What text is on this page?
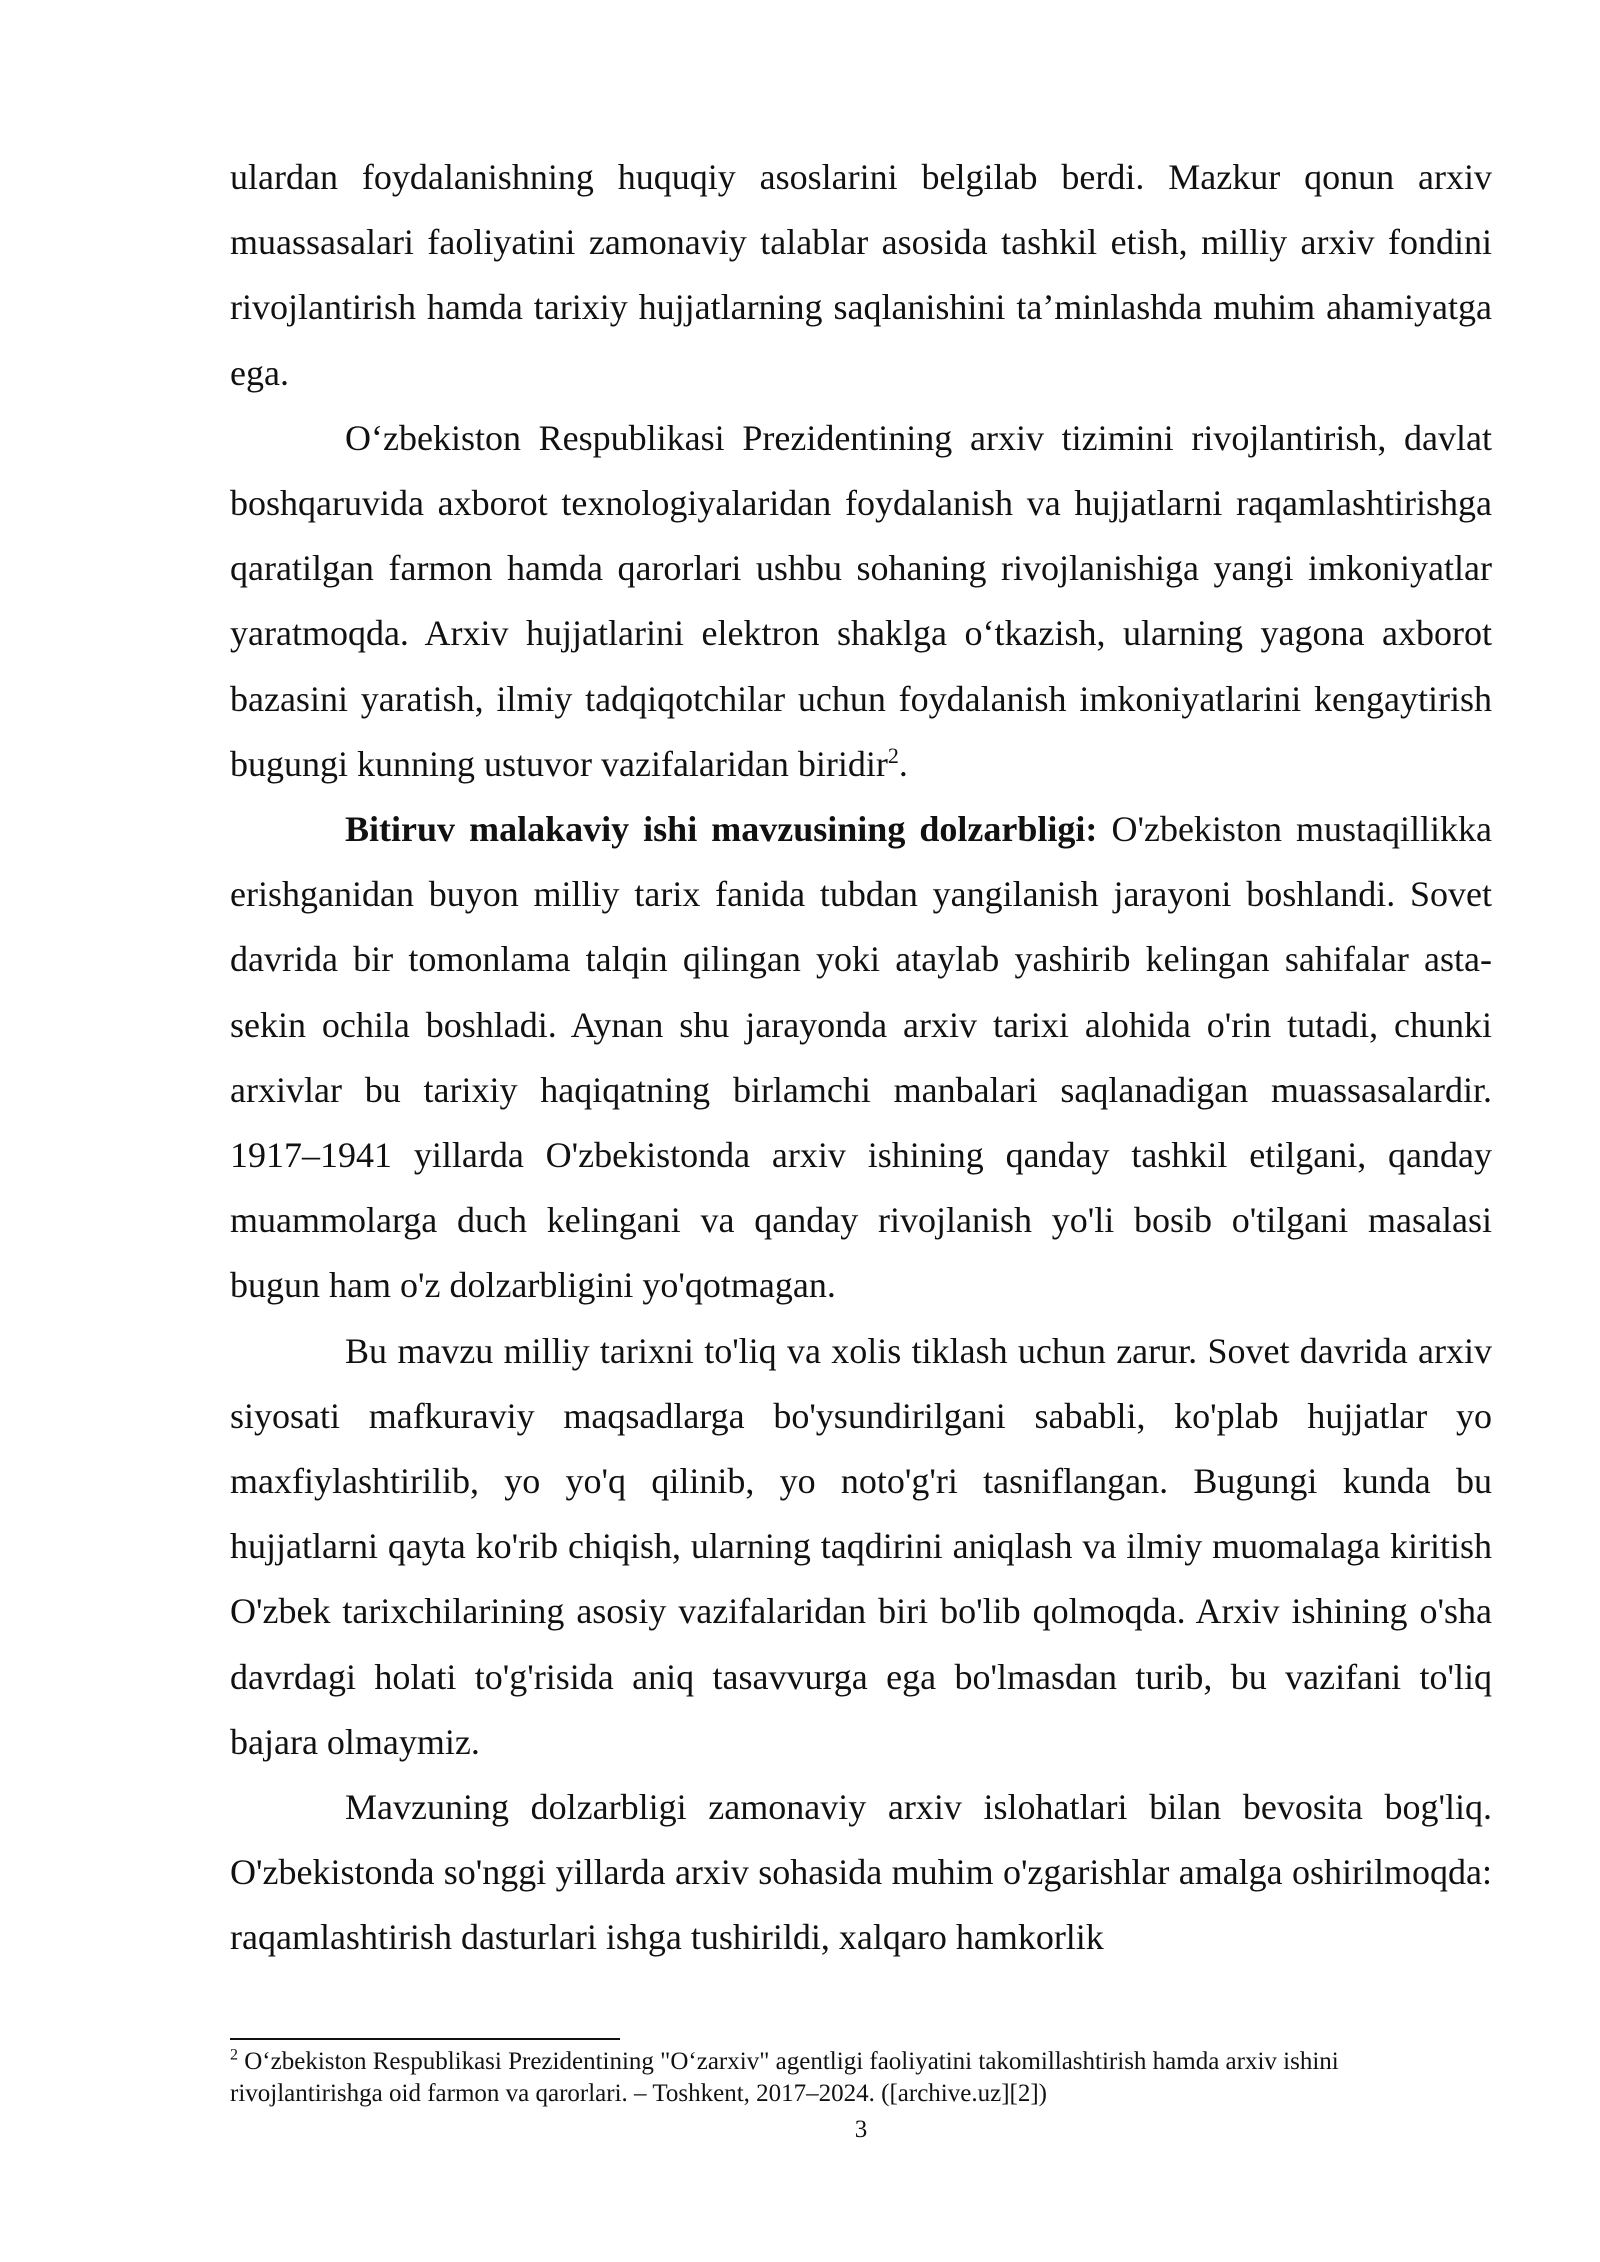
ulardan foydalanishning huquqiy asoslarini belgilab berdi. Mazkur qonun arxiv muassasalari faoliyatini zamonaviy talablar asosida tashkil etish, milliy arxiv fondini rivojlantirish hamda tarixiy hujjatlarning saqlanishini ta’minlashda muhim ahamiyatga ega.

O‘zbekiston Respublikasi Prezidentining arxiv tizimini rivojlantirish, davlat boshqaruvida axborot texnologiyalaridan foydalanish va hujjatlarni raqamlashtirishga qaratilgan farmon hamda qarorlari ushbu sohaning rivojlanishiga yangi imkoniyatlar yaratmoqda. Arxiv hujjatlarini elektron shaklga o‘tkazish, ularning yagona axborot bazasini yaratish, ilmiy tadqiqotchilar uchun foydalanish imkoniyatlarini kengaytirish bugungi kunning ustuvor vazifalaridan biridir$^2$.

Bitiruv malakaviy ishi mavzusining dolzarbligi: O'zbekiston mustaqillikka erishganidan buyon milliy tarix fanida tubdan yangilanish jarayoni boshlandi. Sovet davrida bir tomonlama talqin qilingan yoki ataylab yashirib kelingan sahifalar asta-sekin ochila boshladi. Aynan shu jarayonda arxiv tarixi alohida o'rin tutadi, chunki arxivlar bu tarixiy haqiqatning birlamchi manbalari saqlanadigan muassasalardir. 1917–1941 yillarda O'zbekistonda arxiv ishining qanday tashkil etilgani, qanday muammolarga duch kelingani va qanday rivojlanish yo'li bosib o'tilgani masalasi bugun ham o'z dolzarbligini yo'qotmagan.

Bu mavzu milliy tarixni to'liq va xolis tiklash uchun zarur. Sovet davrida arxiv siyosati mafkuraviy maqsadlarga bo'ysundirilgani sababli, ko'plab hujjatlar yo maxfiylashtirilib, yo yo'q qilinib, yo noto'g'ri tasniflangan. Bugungi kunda bu hujjatlarni qayta ko'rib chiqish, ularning taqdirini aniqlash va ilmiy muomalaga kiritish O'zbek tarixchilarining asosiy vazifalaridan biri bo'lib qolmoqda. Arxiv ishining o'sha davrdagi holati to'g'risida aniq tasavvurga ega bo'lmasdan turib, bu vazifani to'liq bajara olmaymiz.

Mavzuning dolzarbligi zamonaviy arxiv islohatlari bilan bevosita bog'liq. O'zbekistonda so'nggi yillarda arxiv sohasida muhim o'zgarishlar amalga oshirilmoqda: raqamlashtirish dasturlari ishga tushirildi, xalqaro hamkorlik

$^2$ O‘zbekiston Respublikasi Prezidentining "O‘zarxiv" agentligi faoliyatini takomillashtirish hamda arxiv ishini rivojlantirishga oid farmon va qarorlari. – Toshkent, 2017–2024. ([archive.uz][2])
3
